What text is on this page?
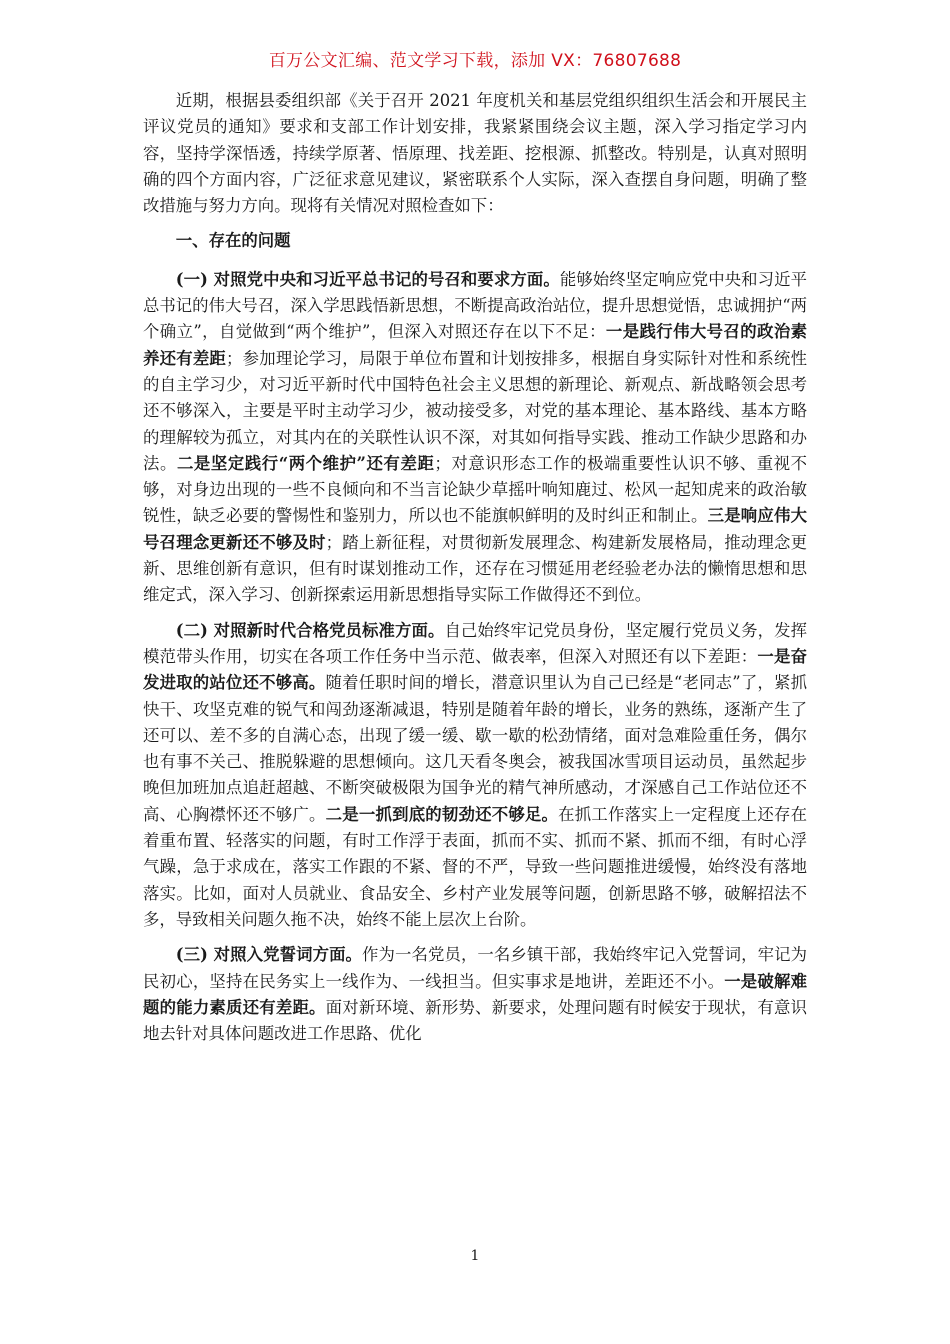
百万公文汇编、范文学习下载，添加 VX：76807688

近期，根据县委组织部《关于召开 2021 年度机关和基层党组织组织生活会和开展民主评议党员的通知》要求和支部工作计划安排，我紧紧围绕会议主题，深入学习指定学习内容，坚持学深悟透，持续学原著、悟原理、找差距、挖根源、抓整改。特别是，认真对照明确的四个方面内容，广泛征求意见建议，紧密联系个人实际，深入查摆自身问题，明确了整改措施与努力方向。现将有关情况对照检查如下：

一、存在的问题

(一) 对照党中央和习近平总书记的号召和要求方面。能够始终坚定响应党中央和习近平总书记的伟大号召，深入学思践悟新思想，不断提高政治站位，提升思想觉悟，忠诚拥护“两个确立”，自觉做到“两个维护”，但深入对照还存在以下不足：一是践行伟大号召的政治素养还有差距；参加理论学习，局限于单位布置和计划按排多，根据自身实际针对性和系统性的自主学习少，对习近平新时代中国特色社会主义思想的新理论、新观点、新战略领会思考还不够深入，主要是平时主动学习少，被动接受多，对党的基本理论、基本路线、基本方略的理解较为孤立，对其内在的关联性认识不深，对其如何指导实践、推动工作缺少思路和办法。二是坚定践行“两个维护”还有差距；对意识形态工作的极端重要性认识不够、重视不够，对身边出现的一些不良倾向和不当言论缺少草摇叶响知鹿过、松风一起知虎来的政治敏锐性，缺乏必要的警惕性和鉴别力，所以也不能旗帜鲜明的及时纠正和制止。三是响应伟大号召理念更新还不够及时；踏上新征程，对贯彻新发展理念、构建新发展格局，推动理念更新、思维创新有意识，但有时谋划推动工作，还存在习惯延用老经验老办法的懒惰思想和思维定式，深入学习、创新探索运用新思想指导实际工作做得还不到位。

(二) 对照新时代合格党员标准方面。自己始终牢记党员身份，坚定履行党员义务，发挥模范带头作用，切实在各项工作任务中当示范、做表率，但深入对照还有以下差距：一是奋发进取的站位还不够高。随着任职时间的增长，潜意识里认为自己已经是“老同志”了，紧抓快干、攻坚克难的锐气和闯劲逐渐减退，特别是随着年龄的增长，业务的熟练，逐渐产生了还可以、差不多的自满心态，出现了缓一缓、歇一歇的松劲情绪，面对急难险重任务，偶尔也有事不关己、推脱躲避的思想倾向。这几天看冬奥会，被我国冰雪项目运动员，虽然起步晚但加班加点追赶超越、不断突破极限为国争光的精气神所感动，才深感自己工作站位还不高、心胸襟怀还不够广。二是一抓到底的韧劲还不够足。在抓工作落实上一定程度上还存在着重布置、轻落实的问题，有时工作浮于表面，抓而不实、抓而不紧、抓而不细，有时心浮气躁，急于求成在，落实工作跟的不紧、督的不严，导致一些问题推进缓慢，始终没有落地落实。比如，面对人员就业、食品安全、乡村产业发展等问题，创新思路不够，破解招法不多，导致相关问题久拖不决，始终不能上层次上台阶。

(三) 对照入党誓词方面。作为一名党员，一名乡镇干部，我始终牢记入党誓词，牢记为民初心，坚持在民务实上一线作为、一线担当。但实事求是地讲，差距还不小。一是破解难题的能力素质还有差距。面对新环境、新形势、新要求，处理问题有时候安于现状，有意识地去针对具体问题改进工作思路、优化

1
